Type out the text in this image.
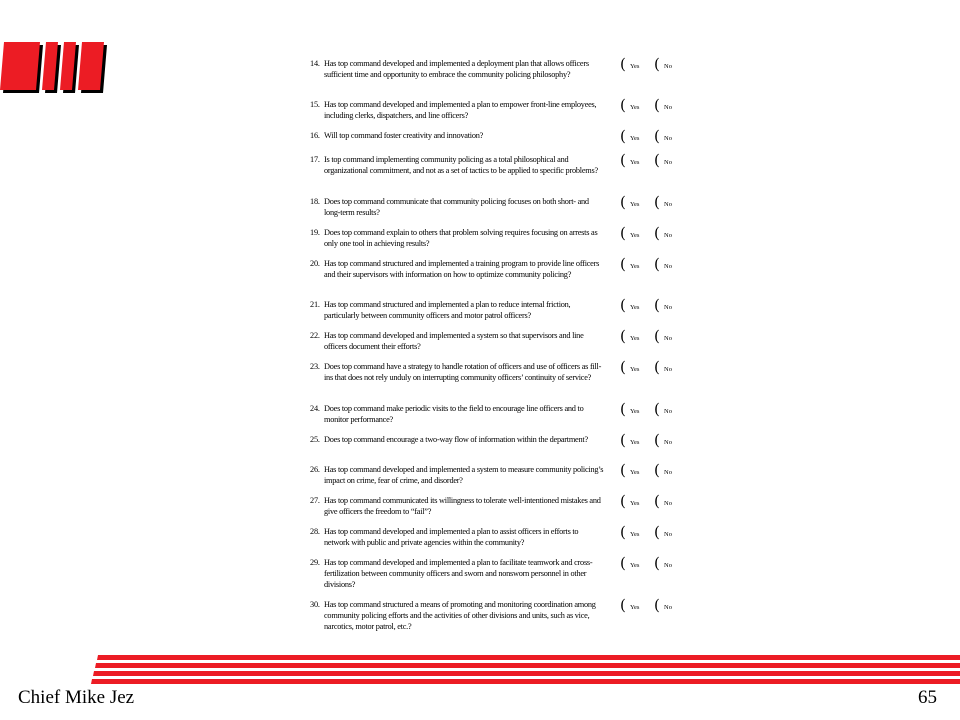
14. Has top command developed and implemented a deployment plan that allows officers sufficient time and opportunity to embrace the community policing philosophy?
( Yes ( No
15. Has top command developed and implemented a plan to empower front-line employees, including clerks, dispatchers, and line officers?
( Yes ( No
16. Will top command foster creativity and innovation?	( Yes ( No
17. Is top command implementing community policing as a total philosophical and organizational commitment, and not as a set of tactics to be applied to specific problems?
( Yes ( No
18. Does top command communicate that community policing focuses on both short- and long-term results?
( Yes ( No
19. Does top command explain to others that problem solving requires focusing on arrests as only one tool in achieving results?
( Yes ( No
20. Has top command structured and implemented a training program to provide line officers and their supervisors with information on how to optimize community policing?
( Yes ( No
21. Has top command structured and implemented a plan to reduce internal friction, particularly between community officers and motor patrol officers?
( Yes ( No
22. Has top command developed and implemented a system so that supervisors and line officers document their efforts?
( Yes ( No
23. Does top command have a strategy to handle rotation of officers and use of officers as fill-ins that does not rely unduly on interrupting community officers’ continuity of service?
( Yes ( No
24. Does top command make periodic visits to the field to encourage line officers and to monitor performance?
( Yes ( No
25. Does top command encourage a two-way flow of information within the department?	( Yes ( No
26. Has top command developed and implemented a system to measure community policing’s impact on crime, fear of crime, and disorder?
( Yes ( No
27. Has top command communicated its willingness to tolerate well-intentioned mistakes and give officers the freedom to “fail”?
( Yes ( No
28. Has top command developed and implemented a plan to assist officers in efforts to network with public and private agencies within the community?
( Yes ( No
29. Has top command developed and implemented a plan to facilitate teamwork and cross-fertilization between community officers and sworn and nonsworn personnel in other divisions?
( Yes ( No
30. Has top command structured a means of promoting and monitoring coordination among community policing efforts and the activities of other divisions and units, such as vice, narcotics, motor patrol, etc.?
( Yes ( No
Chief Mike Jez	65
